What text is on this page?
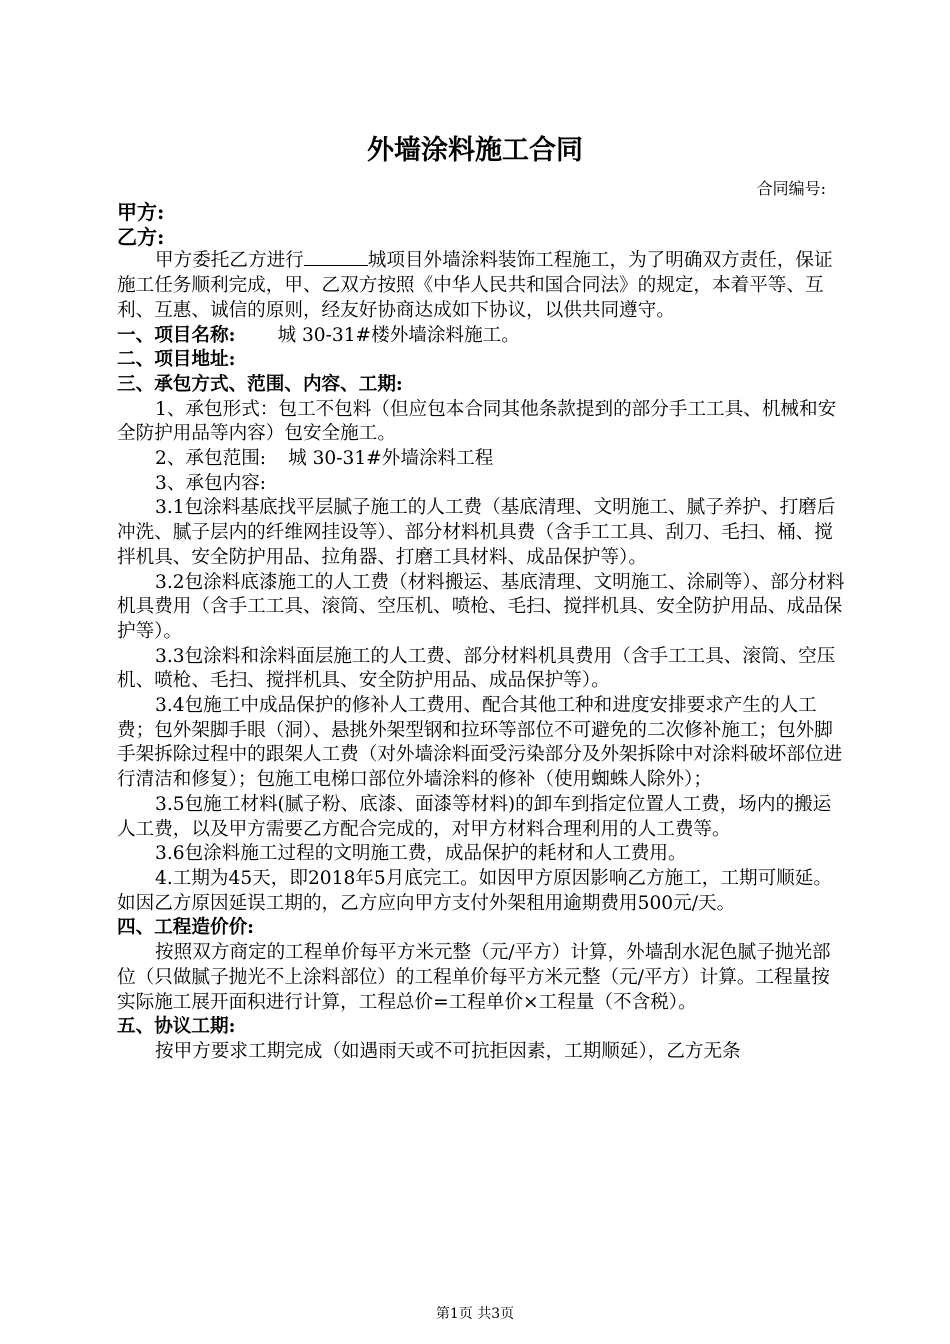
外墙涂料施工合同
合同编号:

甲方:

乙方:

甲方委托乙方进行	城项目外墙涂料装饰工程施工，为了明确双方责任，保证施工任务顺利完成，甲、乙双方按照《中华人民共和国合同法》的规定，本着平等、互利、互惠、诚信的原则，经友好协商达成如下协议，以供共同遵守。

一、项目名称: 城 30-31#楼外墙涂料施工。

二、项目地址:

三、承包方式、范围、内容、工期:

1、承包形式：包工不包料（但应包本合同其他条款提到的部分手工工具、机械和安全防护用品等内容）包安全施工。

2、承包范围: 城 30-31#外墙涂料工程

3、承包内容:

3.1包涂料基底找平层腻子施工的人工费（基底清理、文明施工、腻子养护、打磨后冲洗、腻子层内的纤维网挂设等）、部分材料机具费（含手工工具、刮刀、毛扫、桶、搅拌机具、安全防护用品、拉角器、打磨工具材料、成品保护等）。

3.2包涂料底漆施工的人工费（材料搬运、基底清理、文明施工、涂刷等）、部分材料机具费用（含手工工具、滚筒、空压机、喷枪、毛扫、搅拌机具、安全防护用品、成品保护等）。

3.3包涂料和涂料面层施工的人工费、部分材料机具费用（含手工工具、滚筒、空压机、喷枪、毛扫、搅拌机具、安全防护用品、成品保护等）。

3.4包施工中成品保护的修补人工费用、配合其他工种和进度安排要求产生的人工费；包外架脚手眼（洞）、悬挑外架型钢和拉环等部位不可避免的二次修补施工；包外脚手架拆除过程中的跟架人工费（对外墙涂料面受污染部分及外架拆除中对涂料破坏部位进行清洁和修复）；包施工电梯口部位外墙涂料的修补（使用蜘蛛人除外）；

3.5包施工材料(腻子粉、底漆、面漆等材料)的卸车到指定位置人工费，场内的搬运人工费，以及甲方需要乙方配合完成的，对甲方材料合理利用的人工费等。

3.6包涂料施工过程的文明施工费，成品保护的耗材和人工费用。

4.工期为45天，即2018年5月底完工。如因甲方原因影响乙方施工，工期可顺延。如因乙方原因延误工期的，乙方应向甲方支付外架租用逾期费用500元/天。

四、工程造价价:

按照双方商定的工程单价每平方米元整（元/平方）计算，外墙刮水泥色腻子抛光部位（只做腻子抛光不上涂料部位）的工程单价每平方米元整（元/平方）计算。工程量按实际施工展开面积进行计算，工程总价=工程单价×工程量（不含税）。

五、协议工期:

按甲方要求工期完成（如遇雨天或不可抗拒因素，工期顺延），乙方无条

第1页 共3页
